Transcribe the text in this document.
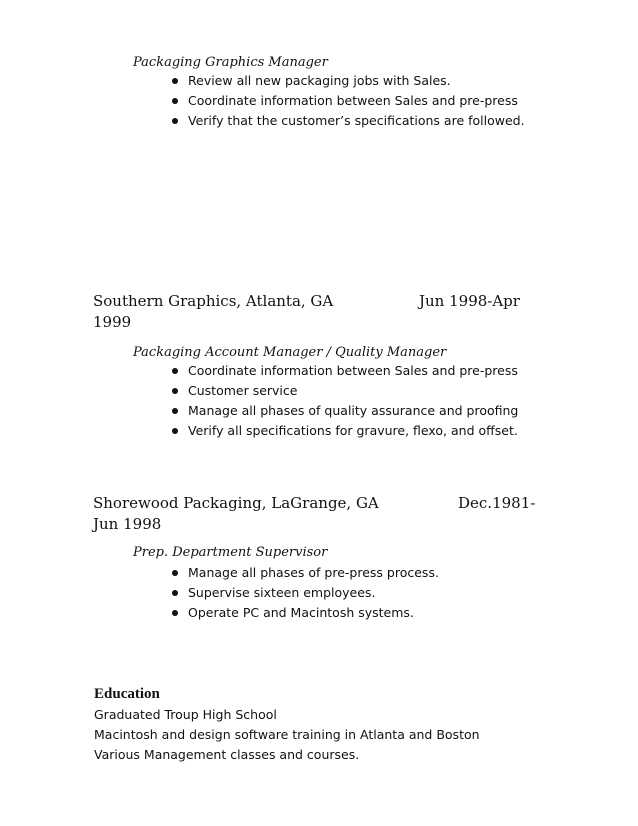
Packaging Graphics Manager
Review all new packaging jobs with Sales.
Coordinate information between Sales and pre-press
Verify that the customer’s specifications are followed.
Southern Graphics, Atlanta, GA	Jun 1998-Apr
1999
Packaging Account Manager / Quality Manager
Coordinate information between Sales and pre-press
Customer service
Manage all phases of quality assurance and proofing
Verify all specifications for gravure, flexo, and offset.
Shorewood Packaging, LaGrange, GA	Dec.1981-
Jun 1998
Prep. Department Supervisor
Manage all phases of pre-press process.
Supervise sixteen employees.
Operate PC and Macintosh systems.
Education
Graduated Troup High School
Macintosh and design software training in Atlanta and Boston
Various Management classes and courses.
